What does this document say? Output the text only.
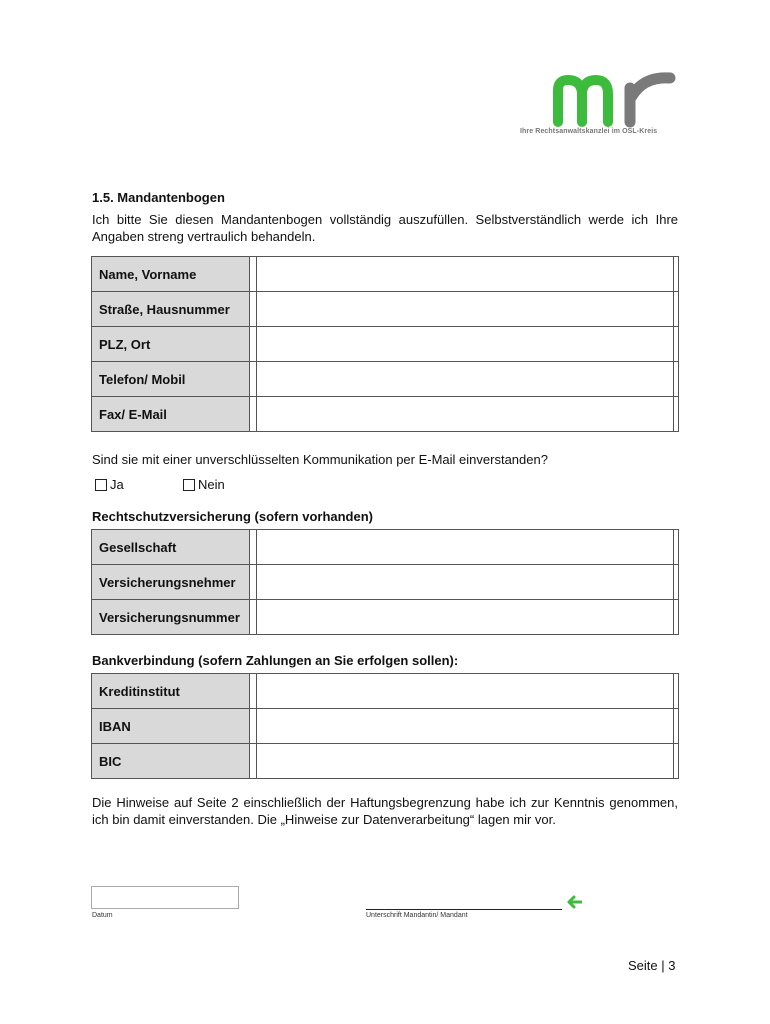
Ihre Rechtsanwaltskanzlei im OSL-Kreis
1.5. Mandantenbogen
Ich bitte Sie diesen Mandantenbogen vollständig auszufüllen. Selbstverständlich werde ich Ihre Angaben streng vertraulich behandeln.
Name, Vorname			
Straße, Hausnummer			
PLZ, Ort			
Telefon/ Mobil			
Fax/ E-Mail			
Sind sie mit einer unverschlüsselten Kommunikation per E-Mail einverstanden?
Ja	Nein
Rechtschutzversicherung (sofern vorhanden)
Gesellschaft			
Versicherungsnehmer			
Versicherungsnummer			
Bankverbindung (sofern Zahlungen an Sie erfolgen sollen):
Kreditinstitut			
IBAN			
BIC			
Die Hinweise auf Seite 2 einschließlich der Haftungsbegrenzung habe ich zur Kenntnis genommen, ich bin damit einverstanden. Die „Hinweise zur Datenverarbeitung“ lagen mir vor.
Datum	Unterschrift Mandantin/ Mandant
Seite | 3
